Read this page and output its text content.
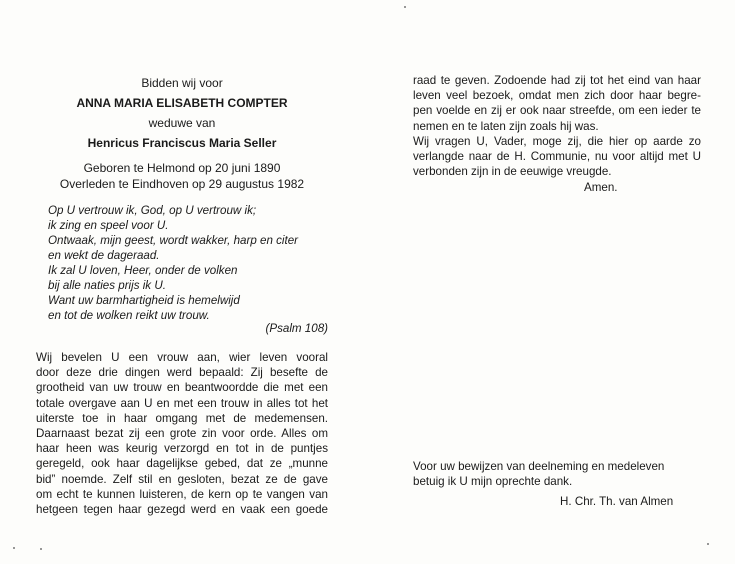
Bidden wij voor
ANNA MARIA ELISABETH COMPTER
weduwe van
Henricus Franciscus Maria Seller
Geboren te Helmond op 20 juni 1890
Overleden te Eindhoven op 29 augustus 1982
Op U vertrouw ik, God, op U vertrouw ik;
ik zing en speel voor U.
Ontwaak, mijn geest, wordt wakker, harp en citer
en wekt de dageraad.
Ik zal U loven, Heer, onder de volken
bij alle naties prijs ik U.
Want uw barmhartigheid is hemelwijd
en tot de wolken reikt uw trouw.
(Psalm 108)
Wij bevelen U een vrouw aan, wier leven vooral
door deze drie dingen werd bepaald: Zij besefte de
grootheid van uw trouw en beantwoordde die met een
totale overgave aan U en met een trouw in alles tot het
uiterste toe in haar omgang met de medemensen.
Daarnaast bezat zij een grote zin voor orde. Alles om
haar heen was keurig verzorgd en tot in de puntjes
geregeld, ook haar dagelijkse gebed, dat ze „munne
bid” noemde. Zelf stil en gesloten, bezat ze de gave
om echt te kunnen luisteren, de kern op te vangen van
hetgeen tegen haar gezegd werd en vaak een goede
raad te geven. Zodoende had zij tot het eind van haar
leven veel bezoek, omdat men zich door haar begre-
pen voelde en zij er ook naar streefde, om een ieder te
nemen en te laten zijn zoals hij was.
Wij vragen U, Vader, moge zij, die hier op aarde zo
verlangde naar de H. Communie, nu voor altijd met U
verbonden zijn in de eeuwige vreugde.
Amen.
Voor uw bewijzen van deelneming en medeleven
betuig ik U mijn oprechte dank.
H. Chr. Th. van Almen
